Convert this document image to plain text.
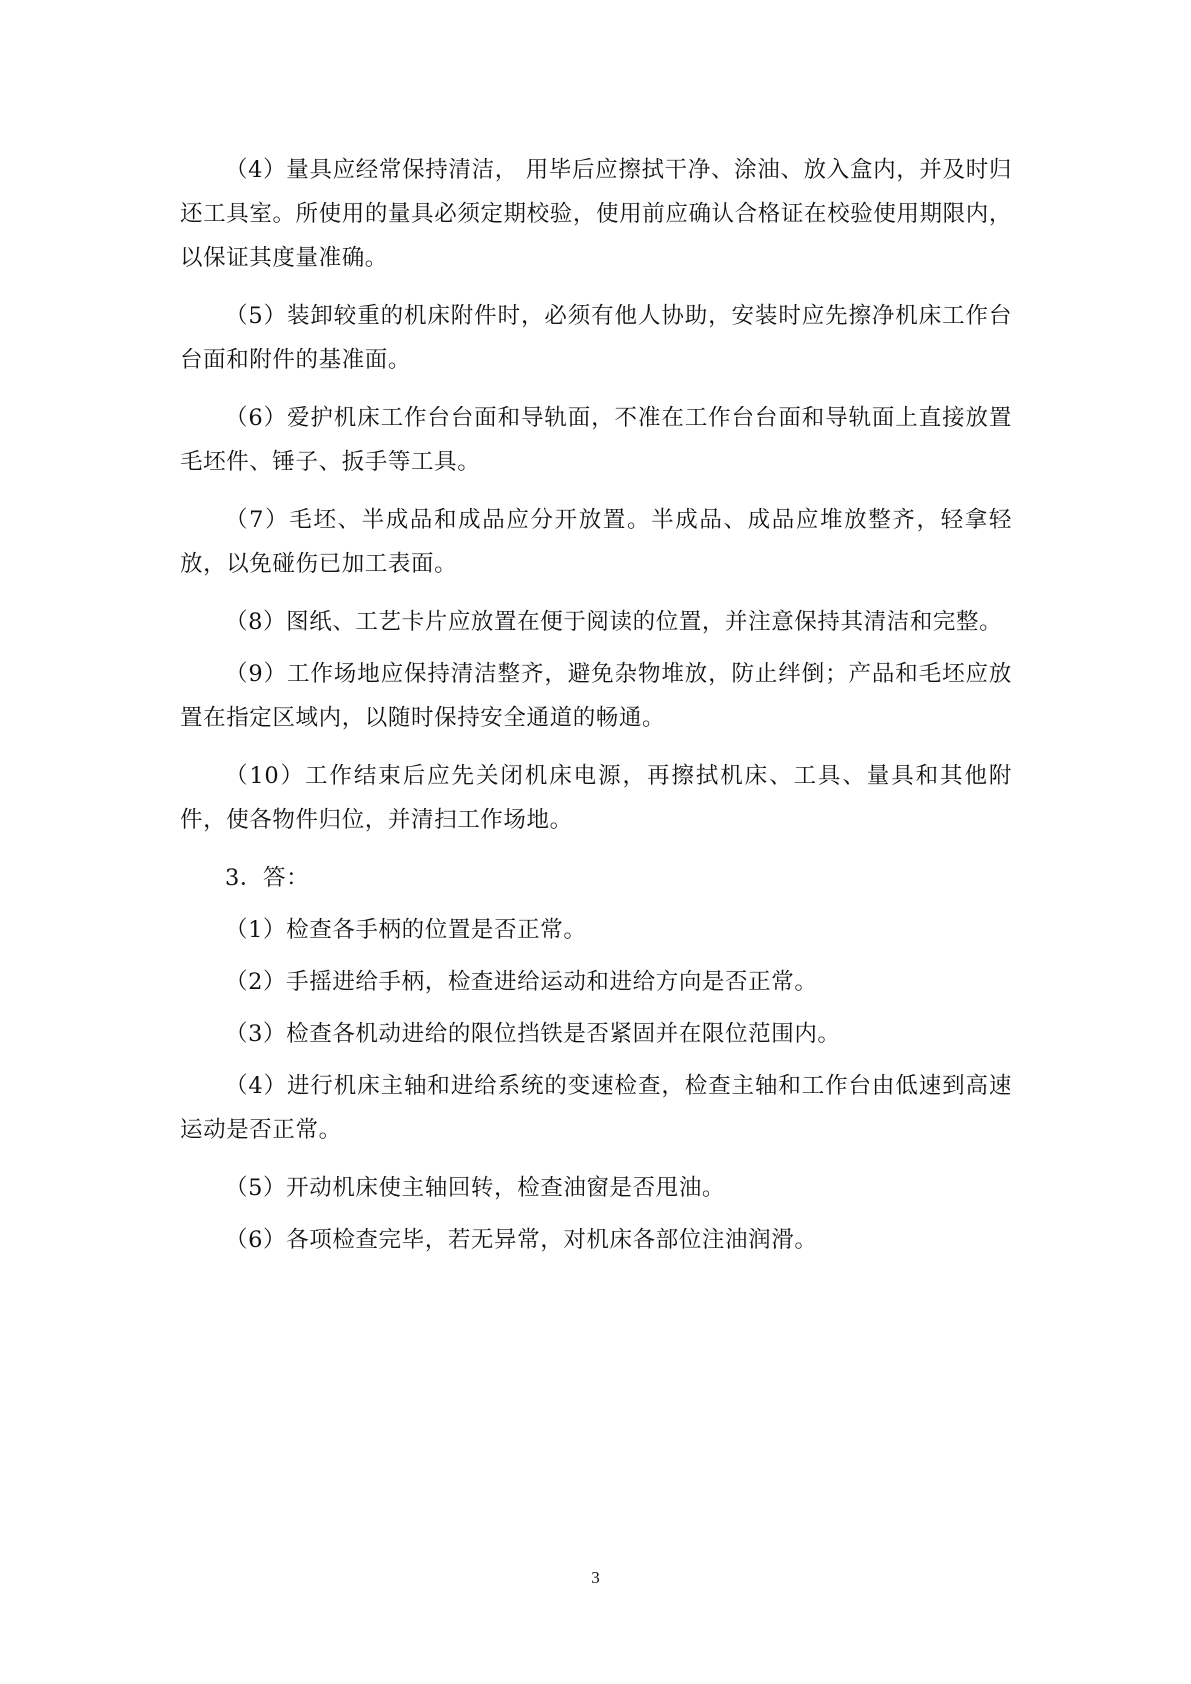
（4）量具应经常保持清洁， 用毕后应擦拭干净、涂油、放入盒内，并及时归还工具室。所使用的量具必须定期校验，使用前应确认合格证在校验使用期限内，以保证其度量准确。

（5）装卸较重的机床附件时，必须有他人协助，安装时应先擦净机床工作台台面和附件的基准面。

（6）爱护机床工作台台面和导轨面，不准在工作台台面和导轨面上直接放置毛坯件、锤子、扳手等工具。

（7）毛坯、半成品和成品应分开放置。半成品、成品应堆放整齐，轻拿轻放，以免碰伤已加工表面。

（8）图纸、工艺卡片应放置在便于阅读的位置，并注意保持其清洁和完整。

（9）工作场地应保持清洁整齐，避免杂物堆放，防止绊倒；产品和毛坯应放置在指定区域内，以随时保持安全通道的畅通。

（10）工作结束后应先关闭机床电源，再擦拭机床、工具、量具和其他附件，使各物件归位，并清扫工作场地。

3．答：

（1）检查各手柄的位置是否正常。

（2）手摇进给手柄，检查进给运动和进给方向是否正常。

（3）检查各机动进给的限位挡铁是否紧固并在限位范围内。

（4）进行机床主轴和进给系统的变速检查，检查主轴和工作台由低速到高速运动是否正常。

（5）开动机床使主轴回转，检查油窗是否甩油。

（6）各项检查完毕，若无异常，对机床各部位注油润滑。

3
